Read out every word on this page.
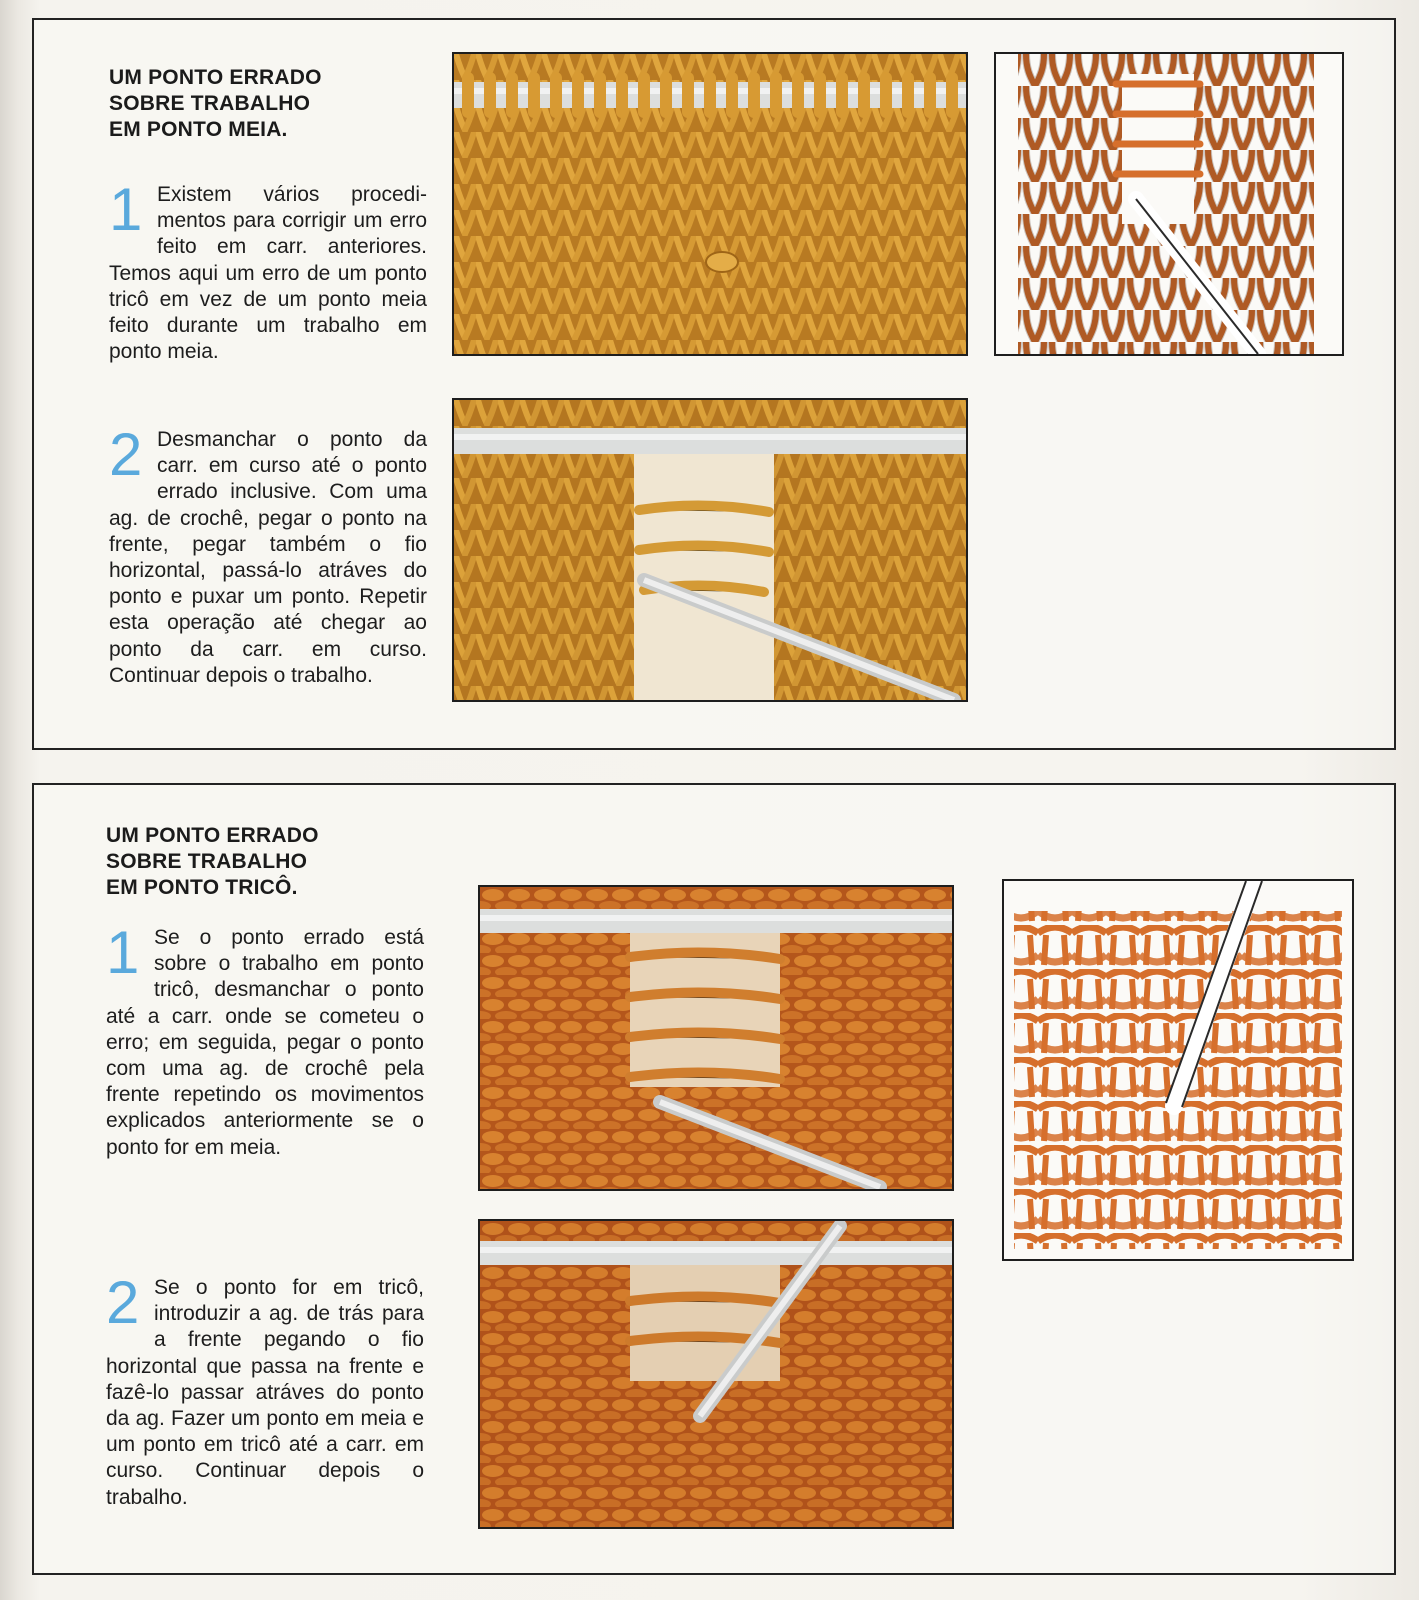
UM PONTO ERRADO
SOBRE TRABALHO
EM PONTO MEIA.
1 Existem vários procedi-mentos para corrigir um erro feito em carr. anteriores. Temos aqui um erro de um ponto tricô em vez de um ponto meia feito durante um trabalho em ponto meia.

2 Desmanchar o ponto da carr. em curso até o ponto errado inclusive. Com uma ag. de crochê, pegar o ponto na frente, pegar também o fio horizontal, passá-lo atráves do ponto e puxar um ponto. Repetir esta operação até chegar ao ponto da carr. em curso. Continuar depois o trabalho.

UM PONTO ERRADO
SOBRE TRABALHO
EM PONTO TRICÔ.
1 Se o ponto errado está sobre o trabalho em ponto tricô, desmanchar o ponto até a carr. onde se cometeu o erro; em seguida, pegar o ponto com uma ag. de crochê pela frente repetindo os movimentos explicados anteriormente se o ponto for em meia.

2 Se o ponto for em tricô, introduzir a ag. de trás para a frente pegando o fio horizontal que passa na frente e fazê-lo passar atráves do ponto da ag. Fazer um ponto em meia e um ponto em tricô até a carr. em curso. Continuar depois o trabalho.
